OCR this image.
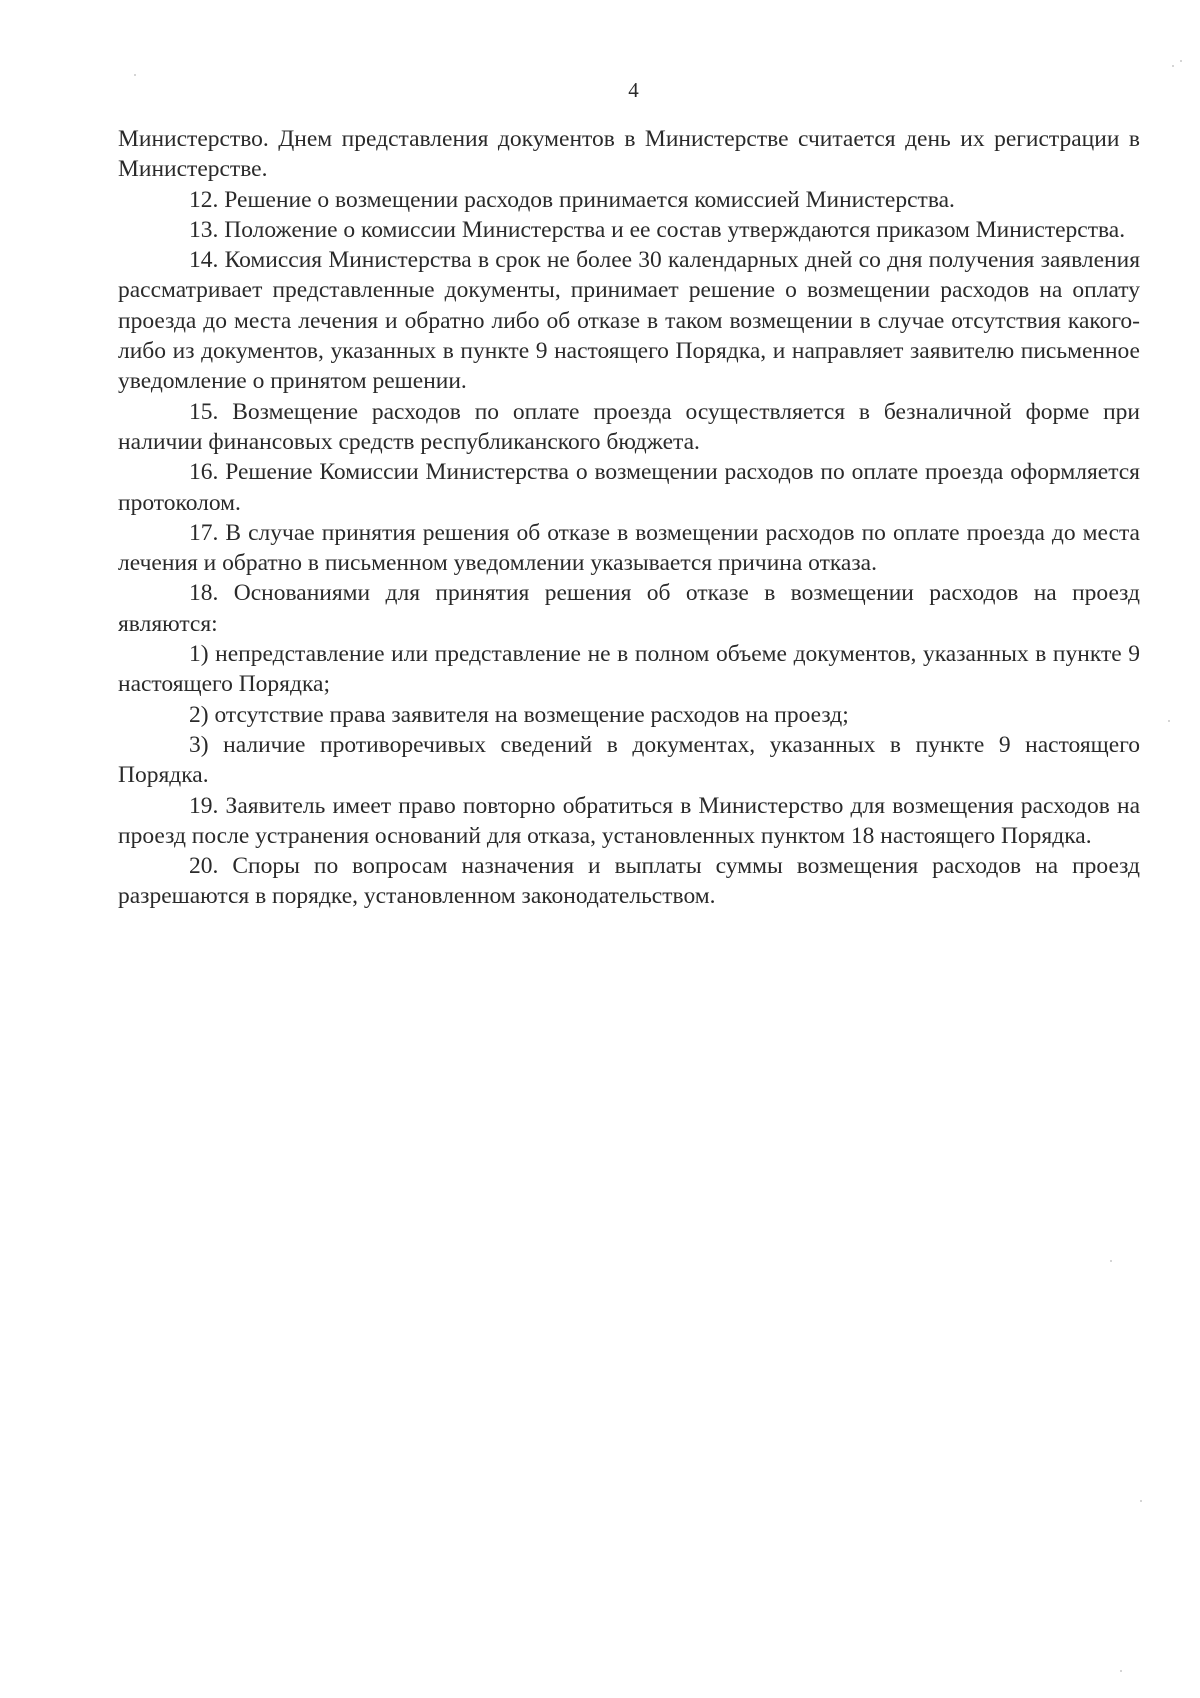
4

Министерство. Днем представления документов в Министерстве считается день их регистрации в Министерстве.

12. Решение о возмещении расходов принимается комиссией Министерства.

13. Положение о комиссии Министерства и ее состав утверждаются приказом Министерства.

14. Комиссия Министерства в срок не более 30 календарных дней со дня получения заявления рассматривает представленные документы, принимает решение о возмещении расходов на оплату проезда до места лечения и обратно либо об отказе в таком возмещении в случае отсутствия какого-либо из документов, указанных в пункте 9 настоящего Порядка, и направляет заявителю письменное уведомление о принятом решении.

15. Возмещение расходов по оплате проезда осуществляется в безналичной форме при наличии финансовых средств республиканского бюджета.

16. Решение Комиссии Министерства о возмещении расходов по оплате проезда оформляется протоколом.

17. В случае принятия решения об отказе в возмещении расходов по оплате проезда до места лечения и обратно в письменном уведомлении указывается причина отказа.

18. Основаниями для принятия решения об отказе в возмещении расходов на проезд являются:

1) непредставление или представление не в полном объеме документов, указанных в пункте 9 настоящего Порядка;

2) отсутствие права заявителя на возмещение расходов на проезд;

3) наличие противоречивых сведений в документах, указанных в пункте 9 настоящего Порядка.

19. Заявитель имеет право повторно обратиться в Министерство для возмещения расходов на проезд после устранения оснований для отказа, установленных пунктом 18 настоящего Порядка.

20. Споры по вопросам назначения и выплаты суммы возмещения расходов на проезд разрешаются в порядке, установленном законодательством.
